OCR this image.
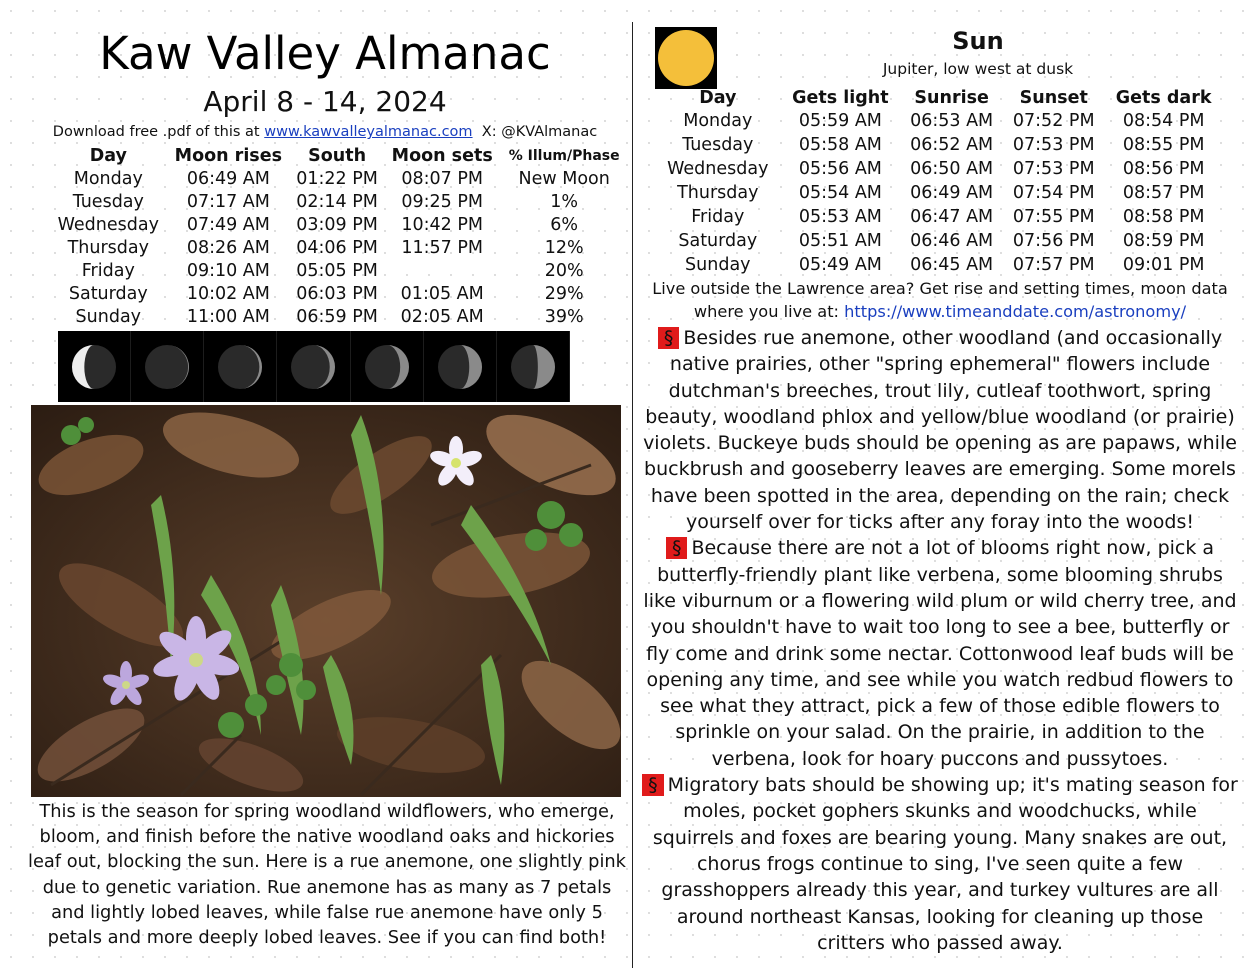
Kaw Valley Almanac
April 8 - 14, 2024
Download free .pdf of this at www.kawvalleyalmanac.com X: @KVAlmanac
Day	Moon rises	South	Moon sets	% Illum/Phase
Monday	06:49 AM	01:22 PM	08:07 PM	New Moon
Tuesday	07:17 AM	02:14 PM	09:25 PM	1%
Wednesday	07:49 AM	03:09 PM	10:42 PM	6%
Thursday	08:26 AM	04:06 PM	11:57 PM	12%
Friday	09:10 AM	05:05 PM		20%
Saturday	10:02 AM	06:03 PM	01:05 AM	29%
Sunday	11:00 AM	06:59 PM	02:05 AM	39%
This is the season for spring woodland wildflowers, who emerge, bloom, and finish before the native woodland oaks and hickories leaf out, blocking the sun. Here is a rue anemone, one slightly pink due to genetic variation. Rue anemone has as many as 7 petals and lightly lobed leaves, while false rue anemone have only 5 petals and more deeply lobed leaves. See if you can find both!
Sun
Jupiter, low west at dusk
Day	Gets light	Sunrise	Sunset	Gets dark
Monday	05:59 AM	06:53 AM	07:52 PM	08:54 PM
Tuesday	05:58 AM	06:52 AM	07:53 PM	08:55 PM
Wednesday	05:56 AM	06:50 AM	07:53 PM	08:56 PM
Thursday	05:54 AM	06:49 AM	07:54 PM	08:57 PM
Friday	05:53 AM	06:47 AM	07:55 PM	08:58 PM
Saturday	05:51 AM	06:46 AM	07:56 PM	08:59 PM
Sunday	05:49 AM	06:45 AM	07:57 PM	09:01 PM
Live outside the Lawrence area? Get rise and setting times, moon data where you live at: https://www.timeanddate.com/astronomy/

§ Besides rue anemone, other woodland (and occasionally native prairies, other "spring ephemeral" flowers include dutchman's breeches, trout lily, cutleaf toothwort, spring beauty, woodland phlox and yellow/blue woodland (or prairie) violets. Buckeye buds should be opening as are papaws, while buckbrush and gooseberry leaves are emerging. Some morels have been spotted in the area, depending on the rain; check yourself over for ticks after any foray into the woods!

§ Because there are not a lot of blooms right now, pick a butterfly-friendly plant like verbena, some blooming shrubs like viburnum or a flowering wild plum or wild cherry tree, and you shouldn't have to wait too long to see a bee, butterfly or fly come and drink some nectar. Cottonwood leaf buds will be opening any time, and see while you watch redbud flowers to see what they attract, pick a few of those edible flowers to sprinkle on your salad. On the prairie, in addition to the verbena, look for hoary puccons and pussytoes.

§ Migratory bats should be showing up; it's mating season for moles, pocket gophers skunks and woodchucks, while squirrels and foxes are bearing young. Many snakes are out, chorus frogs continue to sing, I've seen quite a few grasshoppers already this year, and turkey vultures are all around northeast Kansas, looking for cleaning up those critters who passed away.
